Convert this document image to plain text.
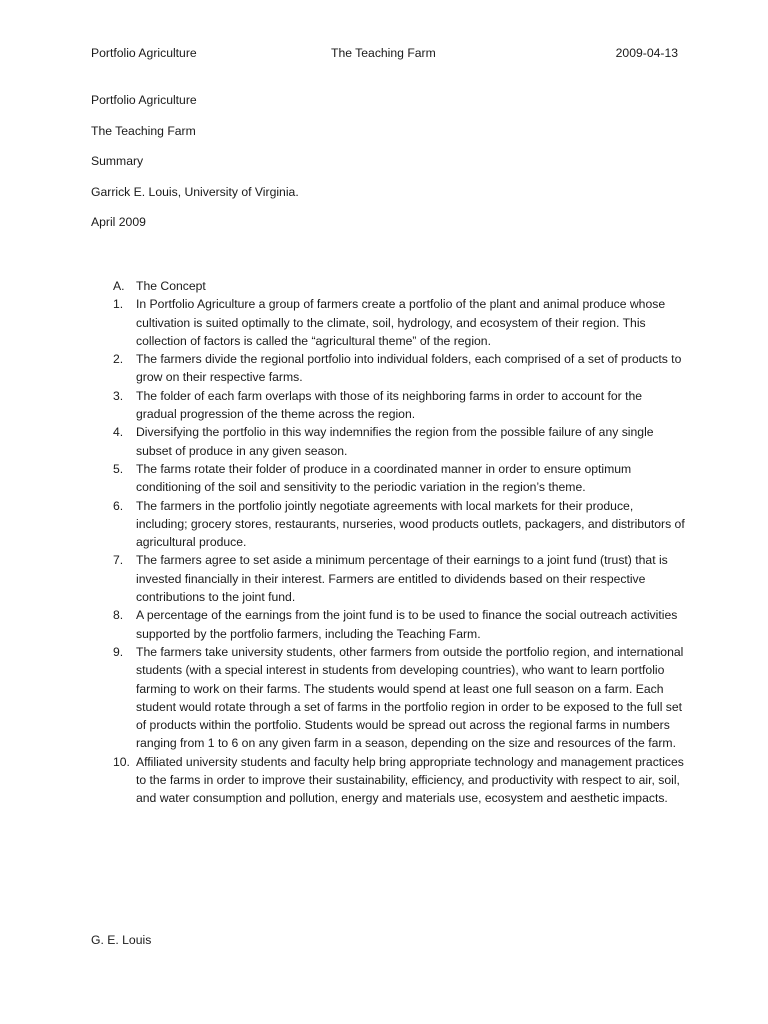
Portfolio Agriculture	The Teaching Farm	2009-04-13
Portfolio Agriculture
The Teaching Farm
Summary
Garrick E. Louis, University of Virginia.
April 2009
A. The Concept
1.	In Portfolio Agriculture a group of farmers create a portfolio of the plant and animal produce whose cultivation is suited optimally to the climate, soil, hydrology, and ecosystem of their region. This collection of factors is called the “agricultural theme” of the region.
2.	The farmers divide the regional portfolio into individual folders, each comprised of a set of products to grow on their respective farms.
3.	The folder of each farm overlaps with those of its neighboring farms in order to account for the gradual progression of the theme across the region.
4.	Diversifying the portfolio in this way indemnifies the region from the possible failure of any single subset of produce in any given season.
5.	The farms rotate their folder of produce in a coordinated manner in order to ensure optimum conditioning of the soil and sensitivity to the periodic variation in the region’s theme.
6.	The farmers in the portfolio jointly negotiate agreements with local markets for their produce, including; grocery stores, restaurants, nurseries, wood products outlets, packagers, and distributors of agricultural produce.
7.	The farmers agree to set aside a minimum percentage of their earnings to a joint fund (trust) that is invested financially in their interest. Farmers are entitled to dividends based on their respective contributions to the joint fund.
8.	A percentage of the earnings from the joint fund is to be used to finance the social outreach activities supported by the portfolio farmers, including the Teaching Farm.
9.	The farmers take university students, other farmers from outside the portfolio region, and international students (with a special interest in students from developing countries), who want to learn portfolio farming to work on their farms. The students would spend at least one full season on a farm. Each student would rotate through a set of farms in the portfolio region in order to be exposed to the full set of products within the portfolio. Students would be spread out across the regional farms in numbers ranging from 1 to 6 on any given farm in a season, depending on the size and resources of the farm.
10. Affiliated university students and faculty help bring appropriate technology and management practices to the farms in order to improve their sustainability, efficiency, and productivity with respect to air, soil, and water consumption and pollution, energy and materials use, ecosystem and aesthetic impacts.
G. E. Louis
